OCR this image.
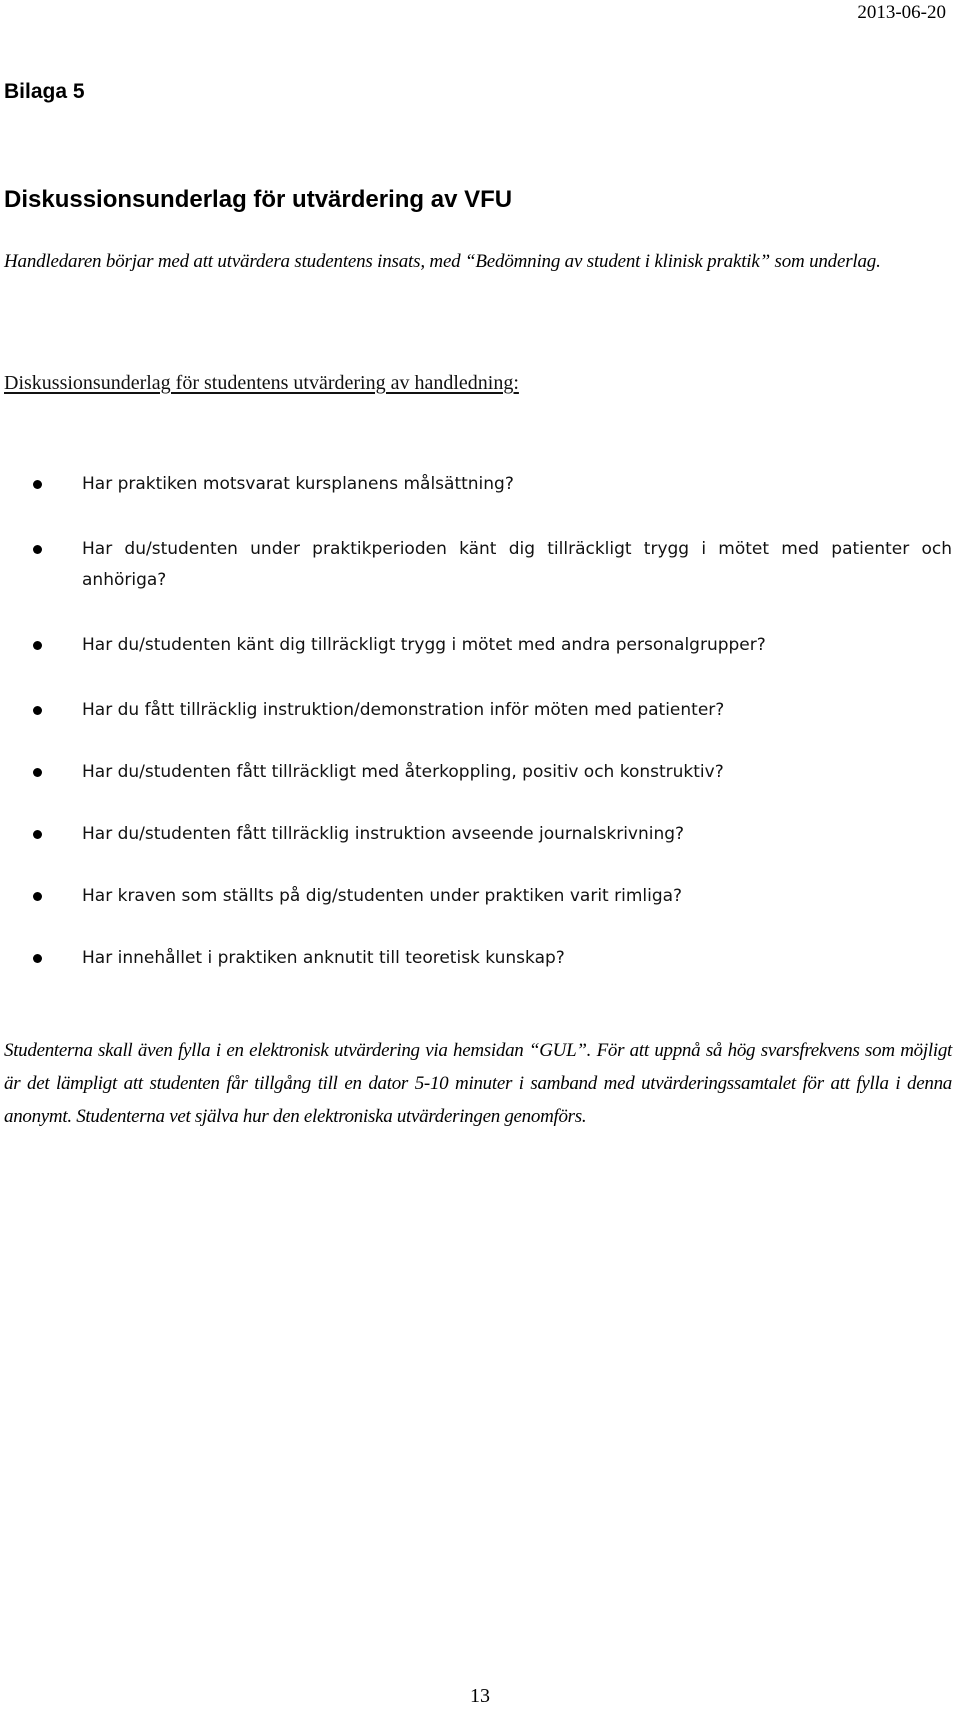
2013-06-20
Bilaga 5
Diskussionsunderlag för utvärdering av VFU
Handledaren börjar med att utvärdera studentens insats, med “Bedömning av student i klinisk praktik” som underlag.
Diskussionsunderlag för studentens utvärdering av handledning:
Har praktiken motsvarat kursplanens målsättning?
Har du/studenten under praktikperioden känt dig tillräckligt trygg i mötet med patienter och anhöriga?
Har du/studenten känt dig tillräckligt trygg i mötet med andra personalgrupper?
Har du fått tillräcklig instruktion/demonstration inför möten med patienter?
Har du/studenten fått tillräckligt med återkoppling, positiv och konstruktiv?
Har du/studenten fått tillräcklig instruktion avseende journalskrivning?
Har kraven som ställts på dig/studenten under praktiken varit rimliga?
Har innehållet i praktiken anknutit till teoretisk kunskap?
Studenterna skall även fylla i en elektronisk utvärdering via hemsidan “GUL”. För att uppnå så hög svarsfrekvens som möjligt är det lämpligt att studenten får tillgång till en dator 5-10 minuter i samband med utvärderingssamtalet för att fylla i denna anonymt. Studenterna vet själva hur den elektroniska utvärderingen genomförs.
13
